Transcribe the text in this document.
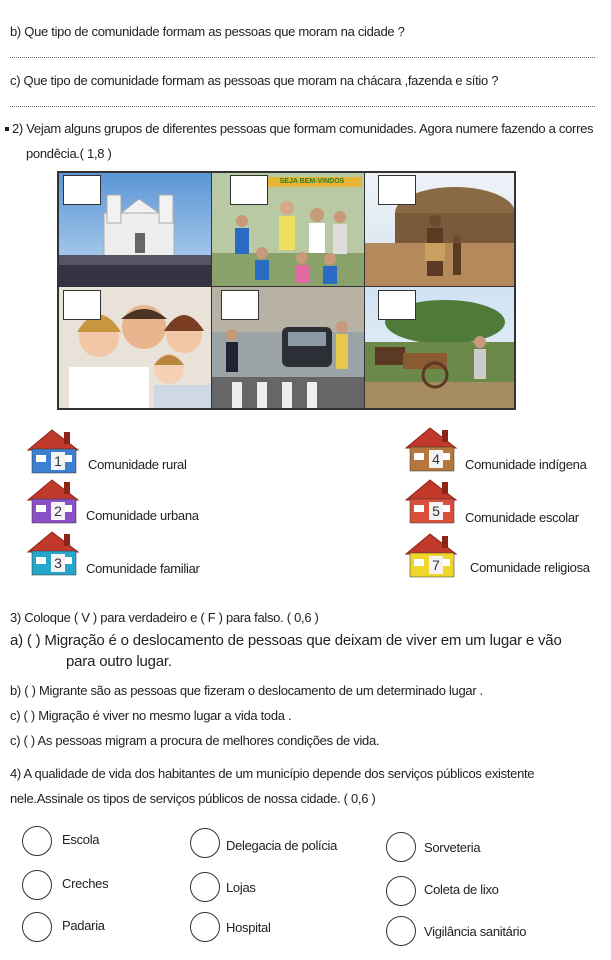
b) Que tipo de comunidade formam as pessoas que moram na cidade ?
c) Que tipo de comunidade formam as pessoas que moram na chácara ,fazenda e sítio ?
2) Vejam alguns grupos de diferentes pessoas que formam comunidades. Agora numere fazendo a corres
pondêcia.( 1,8 )
SEJA BEM-VINDOS
1 Comunidade rural
2 Comunidade urbana
3 Comunidade familiar
4 Comunidade indígena
5 Comunidade escolar
7 Comunidade religiosa
3) Coloque ( V ) para verdadeiro e ( F ) para falso. ( 0,6 )
a) ( ) Migração é o deslocamento de pessoas que deixam de viver em um lugar e vão
para outro lugar.
b) ( ) Migrante são as pessoas que fizeram o deslocamento de um determinado lugar .
c) ( ) Migração é viver no mesmo lugar a vida toda .
c) ( ) As pessoas migram a procura de melhores condições de vida.
4) A qualidade de vida dos habitantes de um município depende dos serviços públicos existente
nele.Assinale os tipos de serviços públicos de nossa cidade. ( 0,6 )
Escola	Delegacia de polícia	Sorveteria
Creches	Lojas	Coleta de lixo
Padaria	Hospital	Vigilância sanitário
